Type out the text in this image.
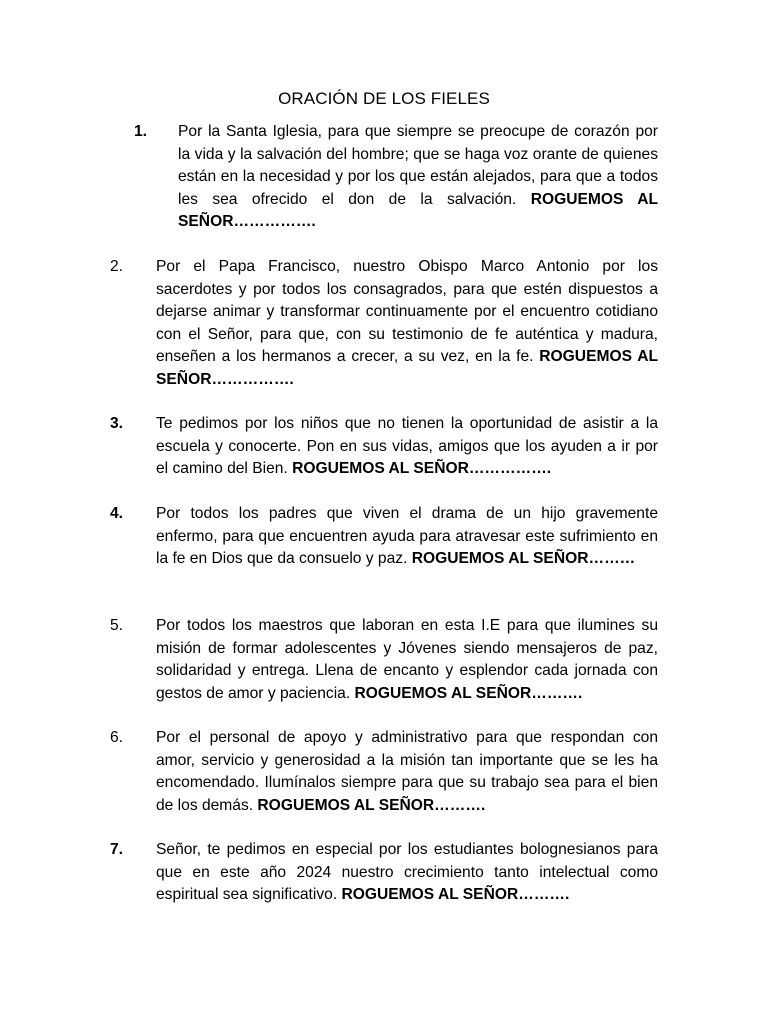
ORACIÓN DE LOS FIELES
1. Por la Santa Iglesia, para que siempre se preocupe de corazón por la vida y la salvación del hombre; que se haga voz orante de quienes están en la necesidad y por los que están alejados, para que a todos les sea ofrecido el don de la salvación. ROGUEMOS AL SEÑOR…………….
2. Por el Papa Francisco, nuestro Obispo Marco Antonio por los sacerdotes y por todos los consagrados, para que estén dispuestos a dejarse animar y transformar continuamente por el encuentro cotidiano con el Señor, para que, con su testimonio de fe auténtica y madura, enseñen a los hermanos a crecer, a su vez, en la fe. ROGUEMOS AL SEÑOR…………….
3. Te pedimos por los niños que no tienen la oportunidad de asistir a la escuela y conocerte. Pon en sus vidas, amigos que los ayuden a ir por el camino del Bien. ROGUEMOS AL SEÑOR…………….
4. Por todos los padres que viven el drama de un hijo gravemente enfermo, para que encuentren ayuda para atravesar este sufrimiento en la fe en Dios que da consuelo y paz. ROGUEMOS AL SEÑOR………
5. Por todos los maestros que laboran en esta I.E para que ilumines su misión de formar adolescentes y Jóvenes siendo mensajeros de paz, solidaridad y entrega. Llena de encanto y esplendor cada jornada con gestos de amor y paciencia. ROGUEMOS AL SEÑOR……….
6. Por el personal de apoyo y administrativo para que respondan con amor, servicio y generosidad a la misión tan importante que se les ha encomendado. Ilumínalos siempre para que su trabajo sea para el bien de los demás. ROGUEMOS AL SEÑOR……….
7. Señor, te pedimos en especial por los estudiantes bolognesianos para que en este año 2024 nuestro crecimiento tanto intelectual como espiritual sea significativo. ROGUEMOS AL SEÑOR……….
